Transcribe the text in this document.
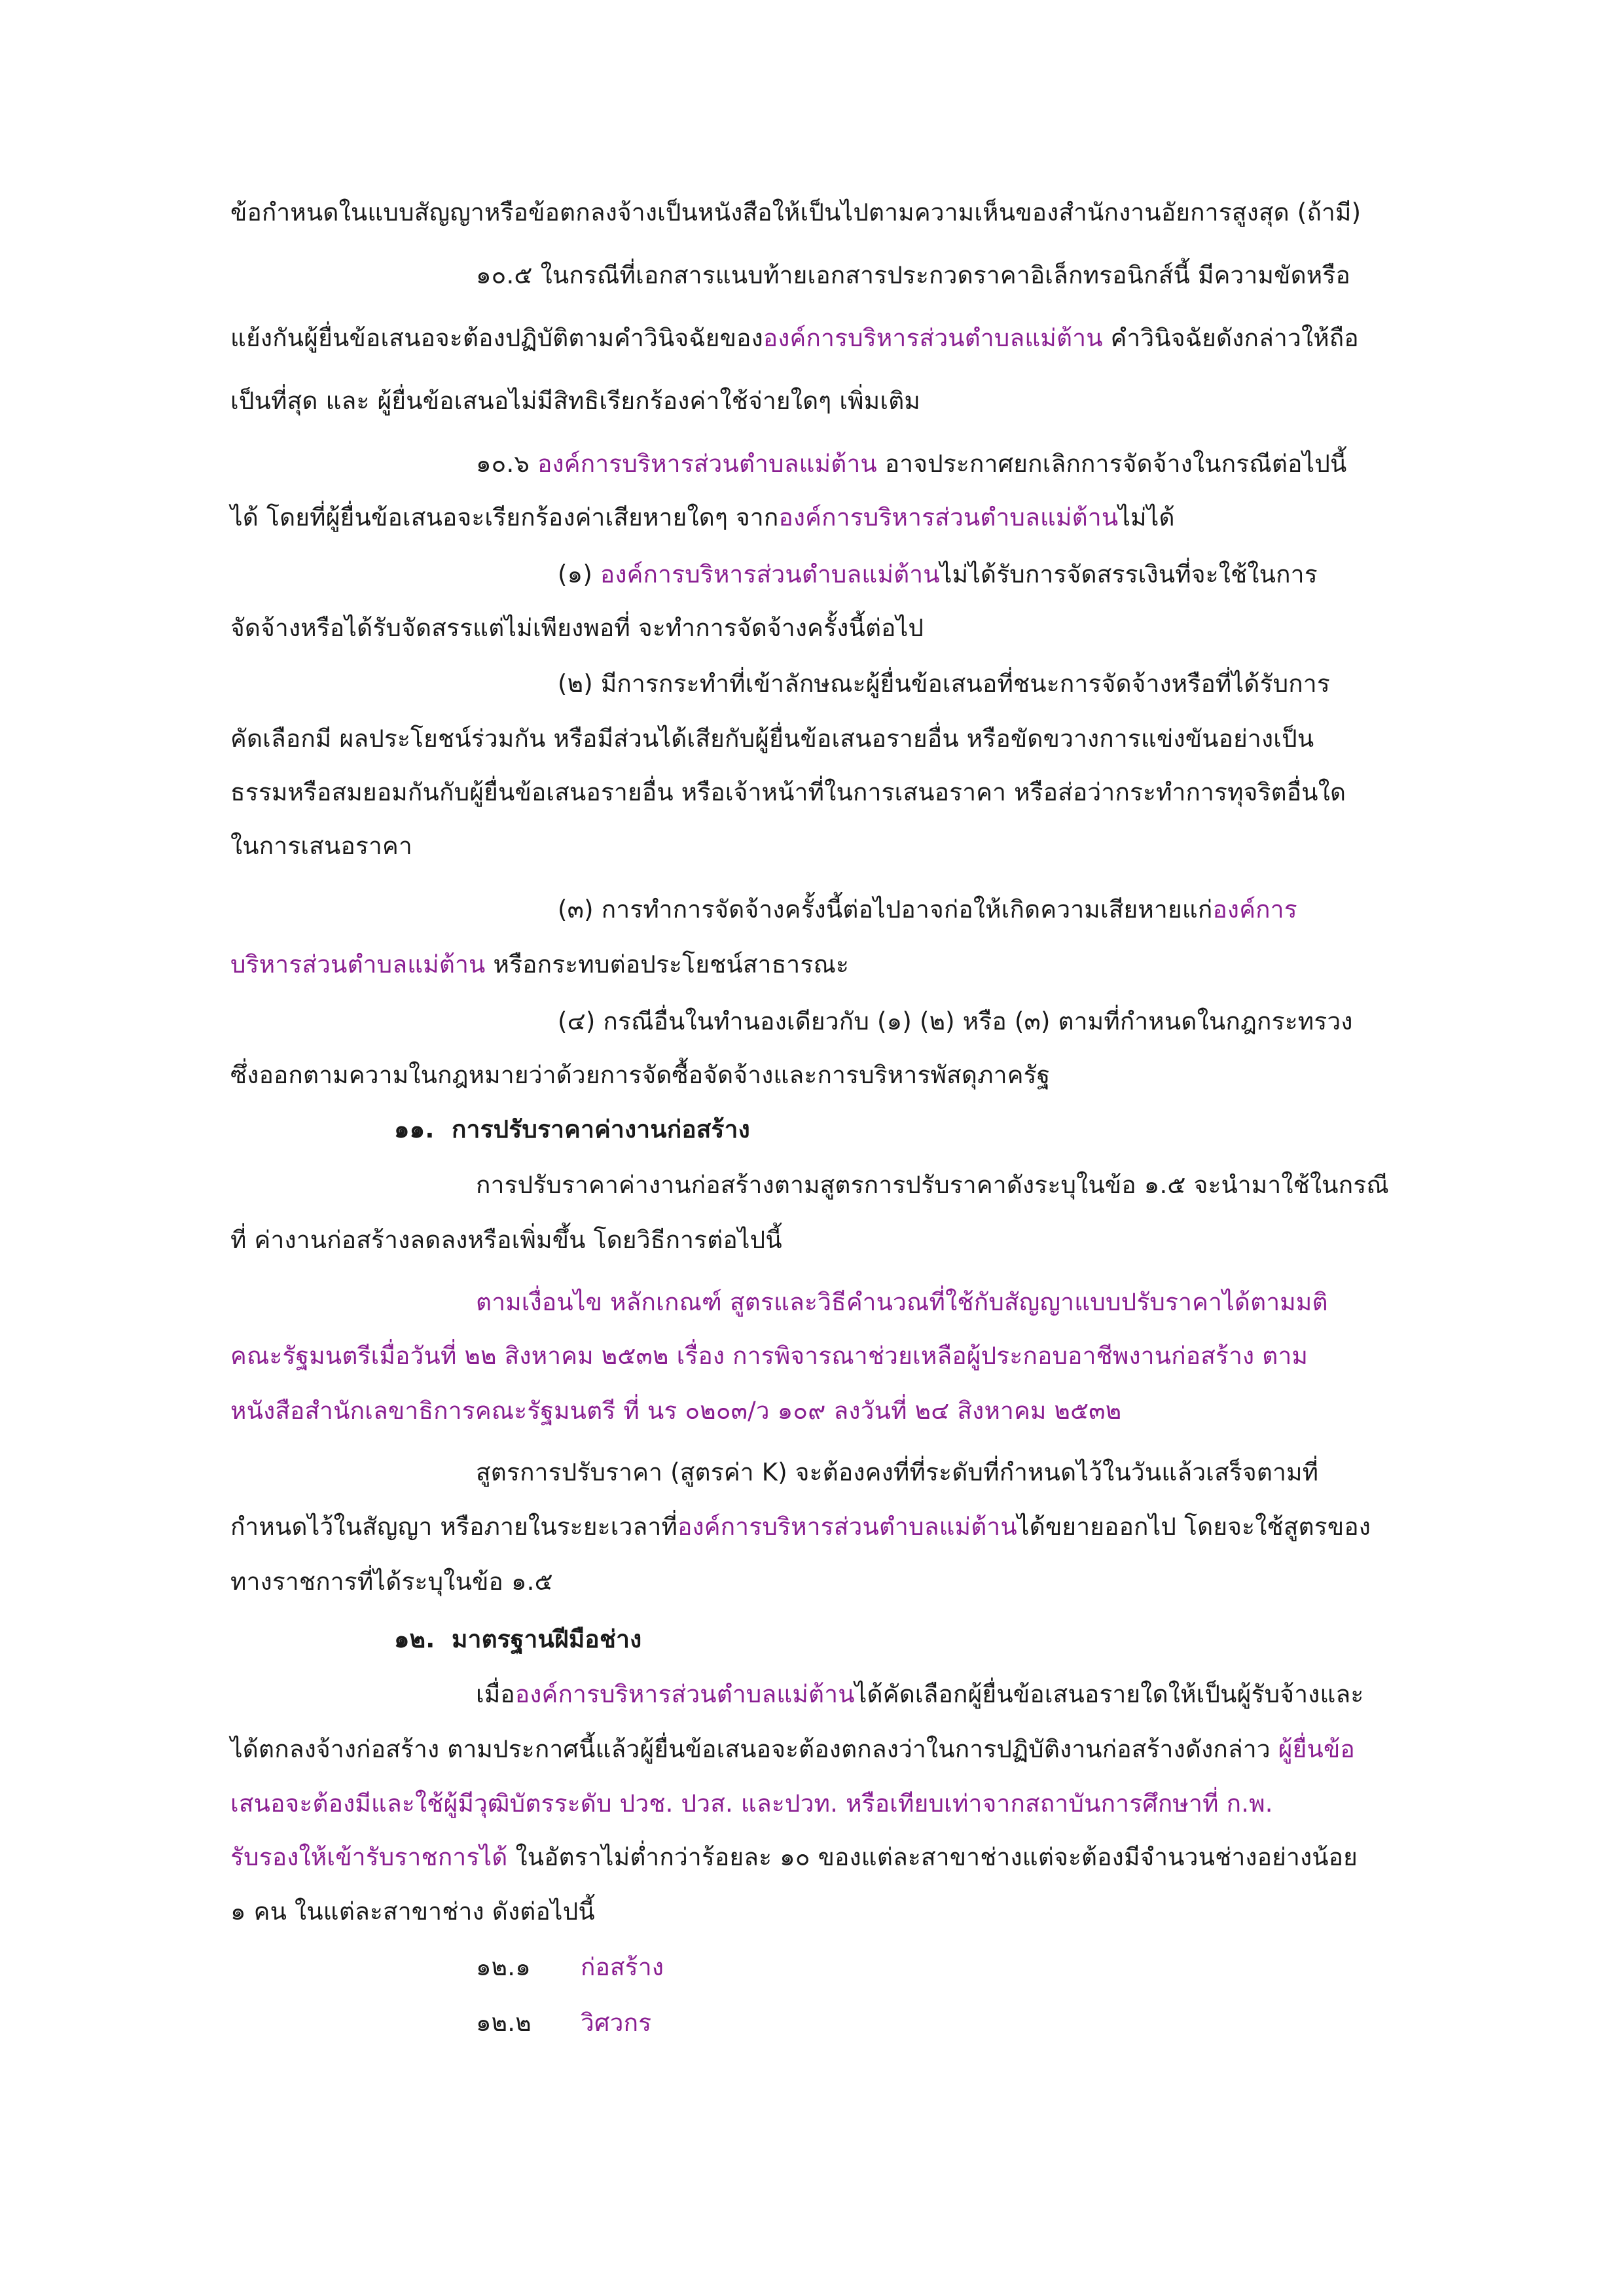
ข้อกำหนดในแบบสัญญาหรือข้อตกลงจ้างเป็นหนังสือให้เป็นไปตามความเห็นของสำนักงานอัยการสูงสุด (ถ้ามี)
๑๐.๕ ในกรณีที่เอกสารแนบท้ายเอกสารประกวดราคาอิเล็กทรอนิกส์นี้ มีความขัดหรือ
แย้งกันผู้ยื่นข้อเสนอจะต้องปฏิบัติตามคำวินิจฉัยขององค์การบริหารส่วนตำบลแม่ต้าน คำวินิจฉัยดังกล่าวให้ถือ
เป็นที่สุด และ ผู้ยื่นข้อเสนอไม่มีสิทธิเรียกร้องค่าใช้จ่ายใดๆ เพิ่มเติม
๑๐.๖ องค์การบริหารส่วนตำบลแม่ต้าน อาจประกาศยกเลิกการจัดจ้างในกรณีต่อไปนี้
ได้ โดยที่ผู้ยื่นข้อเสนอจะเรียกร้องค่าเสียหายใดๆ จากองค์การบริหารส่วนตำบลแม่ต้านไม่ได้
(๑) องค์การบริหารส่วนตำบลแม่ต้านไม่ได้รับการจัดสรรเงินที่จะใช้ในการ
จัดจ้างหรือได้รับจัดสรรแต่ไม่เพียงพอที่ จะทำการจัดจ้างครั้งนี้ต่อไป
(๒) มีการกระทำที่เข้าลักษณะผู้ยื่นข้อเสนอที่ชนะการจัดจ้างหรือที่ได้รับการ
คัดเลือกมี ผลประโยชน์ร่วมกัน หรือมีส่วนได้เสียกับผู้ยื่นข้อเสนอรายอื่น หรือขัดขวางการแข่งขันอย่างเป็น
ธรรมหรือสมยอมกันกับผู้ยื่นข้อเสนอรายอื่น หรือเจ้าหน้าที่ในการเสนอราคา หรือส่อว่ากระทำการทุจริตอื่นใด
ในการเสนอราคา
(๓) การทำการจัดจ้างครั้งนี้ต่อไปอาจก่อให้เกิดความเสียหายแก่องค์การ
บริหารส่วนตำบลแม่ต้าน หรือกระทบต่อประโยชน์สาธารณะ
(๔) กรณีอื่นในทำนองเดียวกับ (๑) (๒) หรือ (๓) ตามที่กำหนดในกฎกระทรวง
ซึ่งออกตามความในกฎหมายว่าด้วยการจัดซื้อจัดจ้างและการบริหารพัสดุภาครัฐ
๑๑. การปรับราคาค่างานก่อสร้าง
การปรับราคาค่างานก่อสร้างตามสูตรการปรับราคาดังระบุในข้อ ๑.๕ จะนำมาใช้ในกรณี
ที่ ค่างานก่อสร้างลดลงหรือเพิ่มขึ้น โดยวิธีการต่อไปนี้
ตามเงื่อนไข หลักเกณฑ์ สูตรและวิธีคำนวณที่ใช้กับสัญญาแบบปรับราคาได้ตามมติ
คณะรัฐมนตรีเมื่อวันที่ ๒๒ สิงหาคม ๒๕๓๒ เรื่อง การพิจารณาช่วยเหลือผู้ประกอบอาชีพงานก่อสร้าง ตาม
หนังสือสำนักเลขาธิการคณะรัฐมนตรี ที่ นร ๐๒๐๓/ว ๑๐๙ ลงวันที่ ๒๔ สิงหาคม ๒๕๓๒
สูตรการปรับราคา (สูตรค่า K) จะต้องคงที่ที่ระดับที่กำหนดไว้ในวันแล้วเสร็จตามที่
กำหนดไว้ในสัญญา หรือภายในระยะเวลาที่องค์การบริหารส่วนตำบลแม่ต้านได้ขยายออกไป โดยจะใช้สูตรของ
ทางราชการที่ได้ระบุในข้อ ๑.๕
๑๒. มาตรฐานฝีมือช่าง
เมื่อองค์การบริหารส่วนตำบลแม่ต้านได้คัดเลือกผู้ยื่นข้อเสนอรายใดให้เป็นผู้รับจ้างและ
ได้ตกลงจ้างก่อสร้าง ตามประกาศนี้แล้วผู้ยื่นข้อเสนอจะต้องตกลงว่าในการปฏิบัติงานก่อสร้างดังกล่าว ผู้ยื่นข้อ
เสนอจะต้องมีและใช้ผู้มีวุฒิบัตรระดับ ปวช. ปวส. และปวท. หรือเทียบเท่าจากสถาบันการศึกษาที่ ก.พ.
รับรองให้เข้ารับราชการได้ ในอัตราไม่ต่ำกว่าร้อยละ ๑๐ ของแต่ละสาขาช่างแต่จะต้องมีจำนวนช่างอย่างน้อย
๑ คน ในแต่ละสาขาช่าง ดังต่อไปนี้
๑๒.๑ ก่อสร้าง
๑๒.๒ วิศวกร
